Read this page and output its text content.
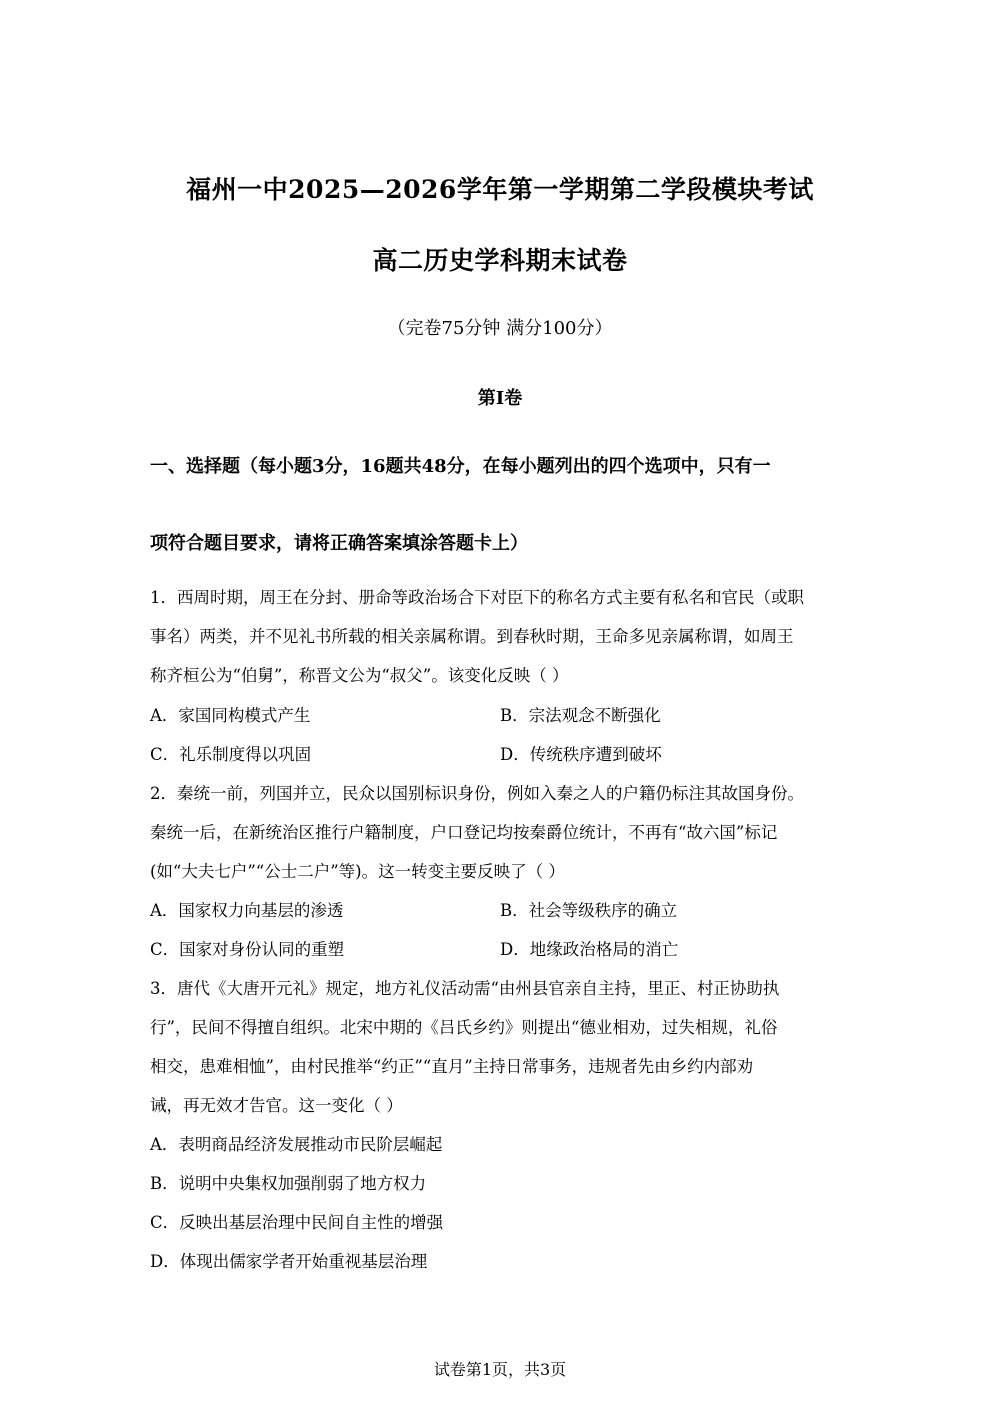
福州一中2025—2026学年第一学期第二学段模块考试
高二历史学科期末试卷
（完卷75分钟 满分100分）
第Ⅰ卷
一、选择题（每小题3分，16题共48分，在每小题列出的四个选项中，只有一
项符合题目要求，请将正确答案填涂答题卡上）
1．西周时期，周王在分封、册命等政治场合下对臣下的称名方式主要有私名和官民（或职
事名）两类，并不见礼书所载的相关亲属称谓。到春秋时期，王命多见亲属称谓，如周王
称齐桓公为“伯舅”，称晋文公为“叔父”。该变化反映（ ）
A．家国同构模式产生	B．宗法观念不断强化
C．礼乐制度得以巩固	D．传统秩序遭到破坏
2．秦统一前，列国并立，民众以国别标识身份，例如入秦之人的户籍仍标注其故国身份。
秦统一后，在新统治区推行户籍制度，户口登记均按秦爵位统计，不再有“故六国”标记
(如“大夫七户”“公士二户”等)。这一转变主要反映了（ ）
A．国家权力向基层的渗透	B．社会等级秩序的确立
C．国家对身份认同的重塑	D．地缘政治格局的消亡
3．唐代《大唐开元礼》规定，地方礼仪活动需“由州县官亲自主持，里正、村正协助执
行”，民间不得擅自组织。北宋中期的《吕氏乡约》则提出“德业相劝，过失相规，礼俗
相交，患难相恤”，由村民推举“约正”“直月”主持日常事务，违规者先由乡约内部劝
诫，再无效才告官。这一变化（ ）
A．表明商品经济发展推动市民阶层崛起
B．说明中央集权加强削弱了地方权力
C．反映出基层治理中民间自主性的增强
D．体现出儒家学者开始重视基层治理
试卷第1页，共3页
